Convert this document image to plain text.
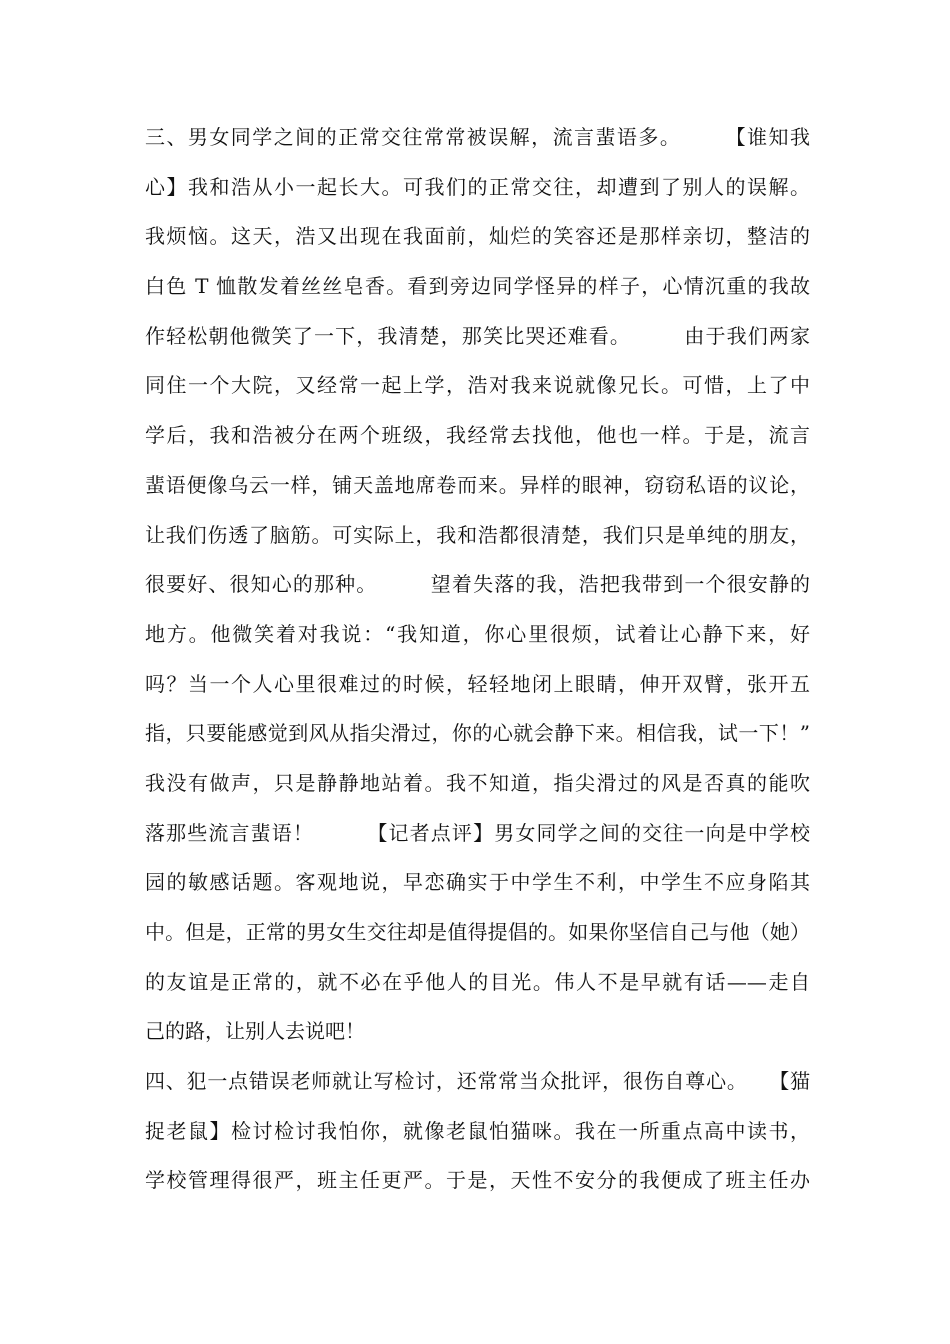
三、男女同学之间的正常交往常常被误解，流言蜚语多。　　　【谁知我
心】我和浩从小一起长大。可我们的正常交往，却遭到了别人的误解。
我烦恼。这天，浩又出现在我面前，灿烂的笑容还是那样亲切，整洁的
白色 T 恤散发着丝丝皂香。看到旁边同学怪异的样子，心情沉重的我故
作轻松朝他微笑了一下，我清楚，那笑比哭还难看。　　　由于我们两家
同住一个大院，又经常一起上学，浩对我来说就像兄长。可惜，上了中
学后，我和浩被分在两个班级，我经常去找他，他也一样。于是，流言
蜚语便像乌云一样，铺天盖地席卷而来。异样的眼神，窃窃私语的议论，
让我们伤透了脑筋。可实际上，我和浩都很清楚，我们只是单纯的朋友，
很要好、很知心的那种。　　　望着失落的我，浩把我带到一个很安静的
地方。他微笑着对我说：“我知道，你心里很烦，试着让心静下来，好
吗？当一个人心里很难过的时候，轻轻地闭上眼睛，伸开双臂，张开五
指，只要能感觉到风从指尖滑过，你的心就会静下来。相信我，试一下！”
我没有做声，只是静静地站着。我不知道，指尖滑过的风是否真的能吹
落那些流言蜚语！　　　【记者点评】男女同学之间的交往一向是中学校
园的敏感话题。客观地说，早恋确实于中学生不利，中学生不应身陷其
中。但是，正常的男女生交往却是值得提倡的。如果你坚信自己与他（她）
的友谊是正常的，就不必在乎他人的目光。伟人不是早就有话——走自
己的路，让别人去说吧！
四、犯一点错误老师就让写检讨，还常常当众批评，很伤自尊心。　　【猫
捉老鼠】检讨检讨我怕你，就像老鼠怕猫咪。我在一所重点高中读书，
学校管理得很严，班主任更严。于是，天性不安分的我便成了班主任办
